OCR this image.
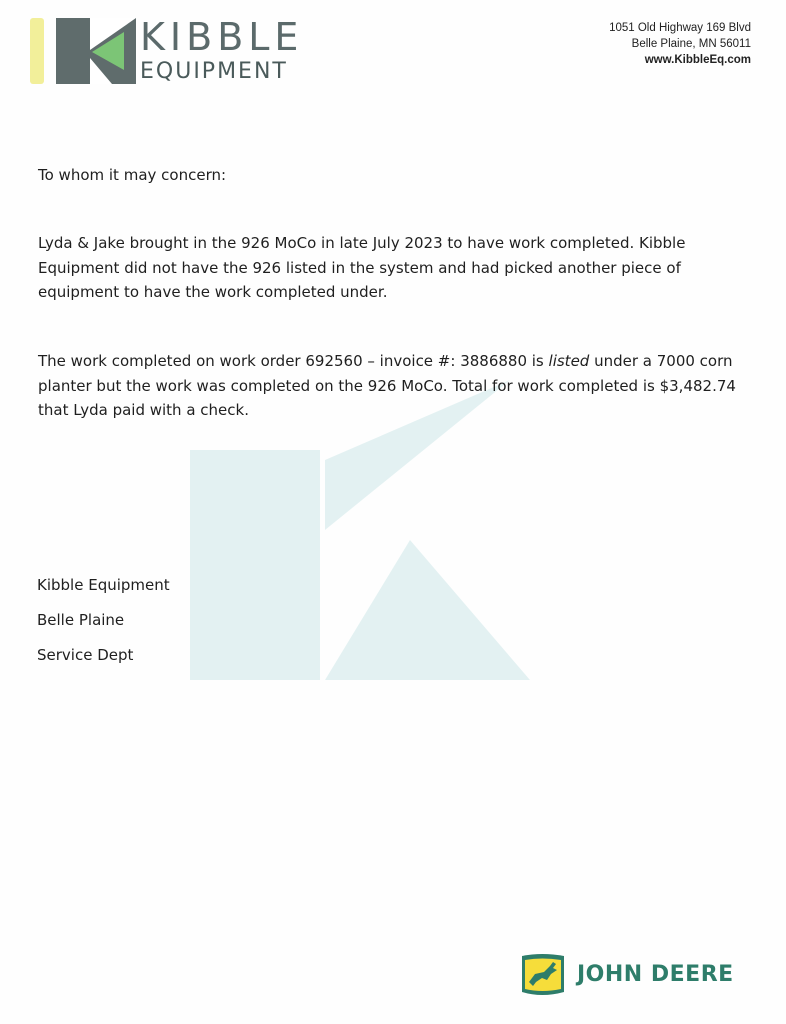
KIBBLE
EQUIPMENT
1051 Old Highway 169 Blvd
Belle Plaine, MN 56011
www.KibbleEq.com
To whom it may concern:
Lyda & Jake brought in the 926 MoCo in late July 2023 to have work completed. Kibble Equipment did not have the 926 listed in the system and had picked another piece of equipment to have the work completed under.
The work completed on work order 692560 – invoice #: 3886880 is listed under a 7000 corn planter but the work was completed on the 926 MoCo. Total for work completed is $3,482.74 that Lyda paid with a check.
Kibble Equipment
Belle Plaine
Service Dept
JOHN DEERE
